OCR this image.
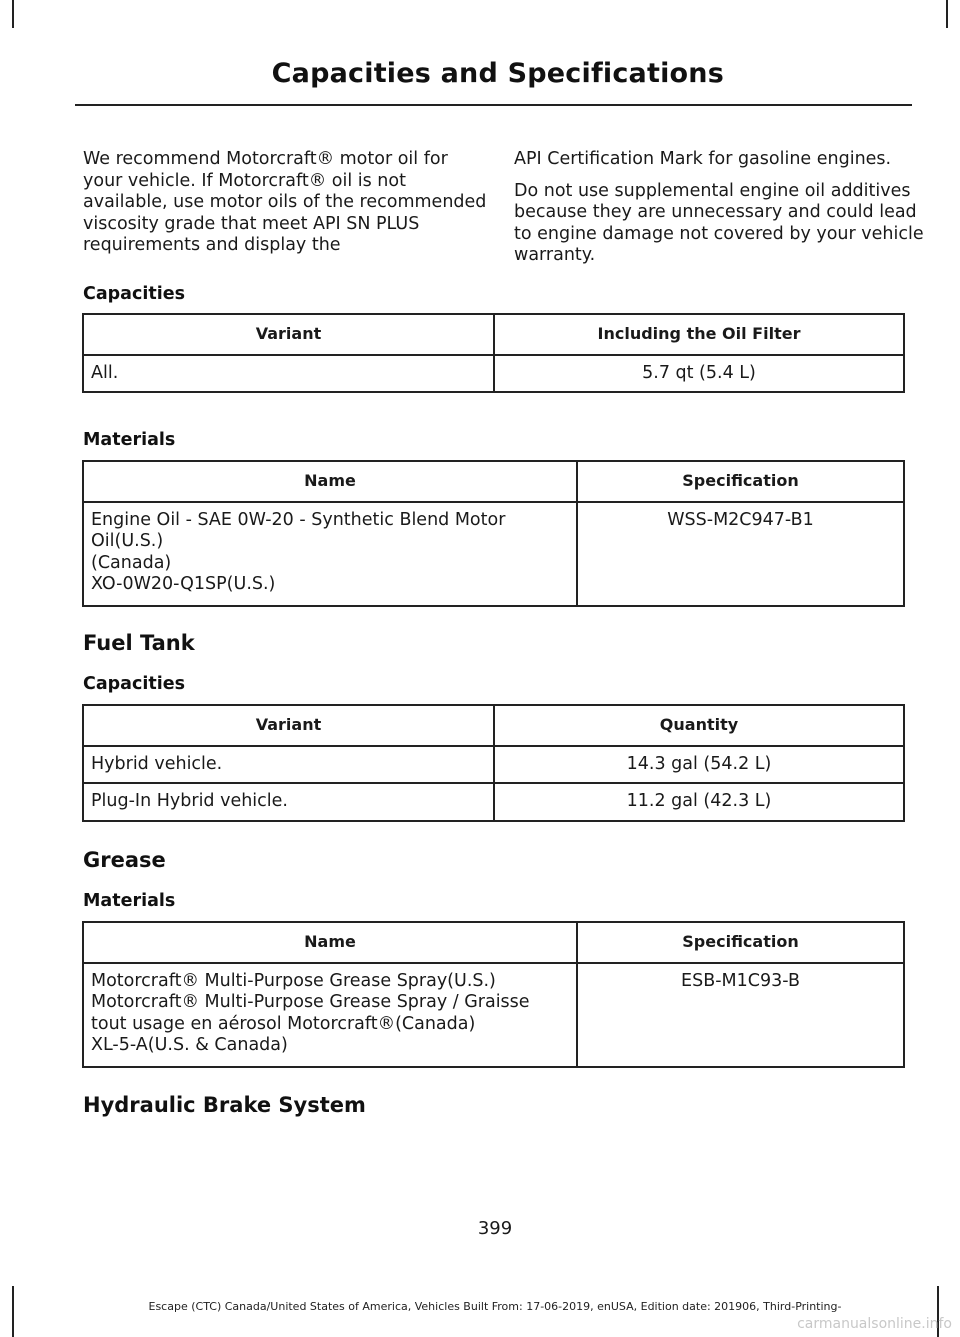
Capacities and Specifications

We recommend Motorcraft® motor oil for your vehicle. If Motorcraft® oil is not available, use motor oils of the recommended viscosity grade that meet API SN PLUS requirements and display the

API Certification Mark for gasoline engines.

Do not use supplemental engine oil additives because they are unnecessary and could lead to engine damage not covered by your vehicle warranty.

Capacities
Variant	Including the Oil Filter
All.	5.7 qt (5.4 L)
Materials
Name	Specification

Engine Oil - SAE 0W-20 - Synthetic Blend Motor Oil(U.S.)
(Canada)
XO-0W20-Q1SP(U.S.)	WSS-M2C947-B1
Fuel Tank
Capacities
Variant	Quantity
Hybrid vehicle.	14.3 gal (54.2 L)
Plug-In Hybrid vehicle.	11.2 gal (42.3 L)
Grease
Materials
Name	Specification

Motorcraft® Multi-Purpose Grease Spray(U.S.)
Motorcraft® Multi-Purpose Grease Spray / Graisse tout usage en aérosol Motorcraft®(Canada)
XL-5-A(U.S. & Canada)	ESB-M1C93-B
Hydraulic Brake System
399
Escape (CTC) Canada/United States of America, Vehicles Built From: 17-06-2019, enUSA, Edition date: 201906, Third-Printing-
carmanualsonline.info
